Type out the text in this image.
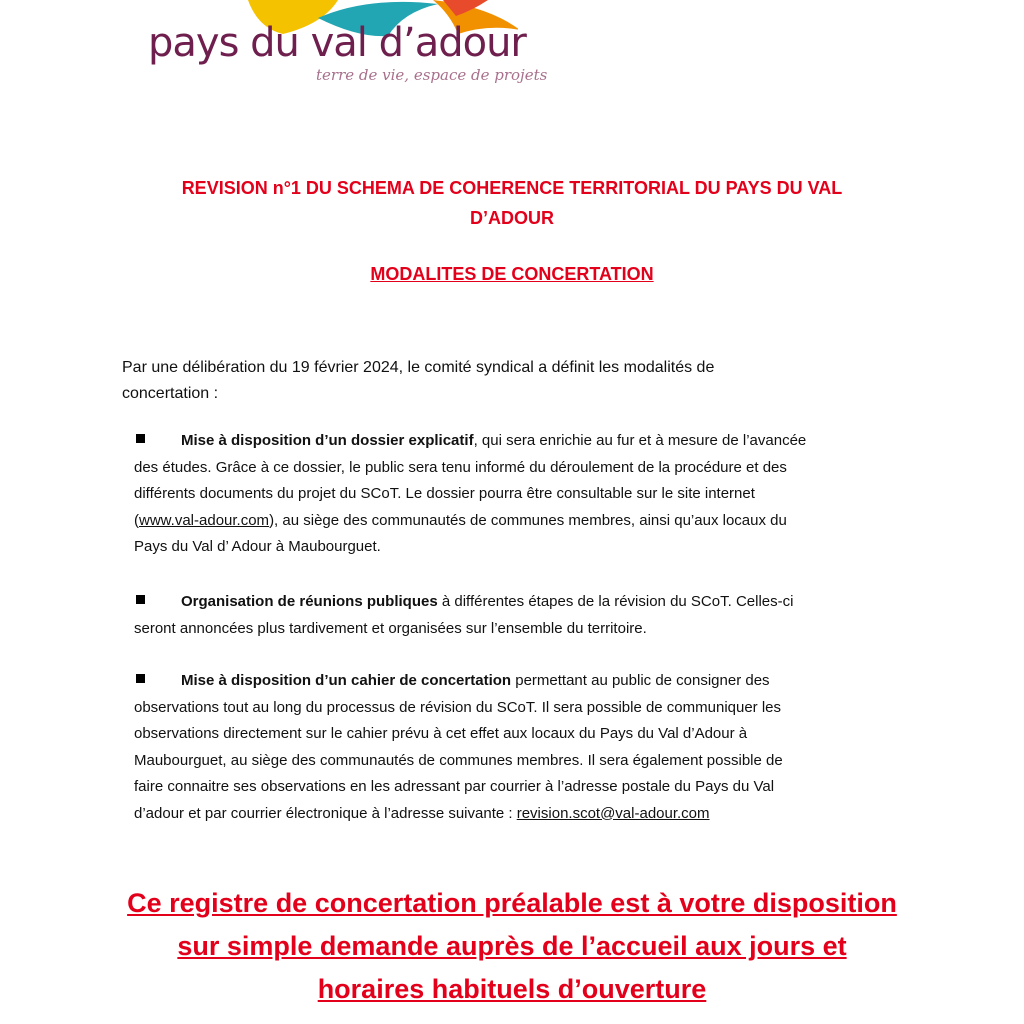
pays du val d’adour
terre de vie, espace de projets
REVISION n°1 DU SCHEMA DE COHERENCE TERRITORIAL DU PAYS DU VAL
D’ADOUR
MODALITES DE CONCERTATION
Par une délibération du 19 février 2024, le comité syndical a définit les modalités de
concertation :
Mise à disposition d’un dossier explicatif, qui sera enrichie au fur et à mesure de l’avancée
des études. Grâce à ce dossier, le public sera tenu informé du déroulement de la procédure et des
différents documents du projet du SCoT. Le dossier pourra être consultable sur le site internet
(www.val-adour.com), au siège des communautés de communes membres, ainsi qu’aux locaux du
Pays du Val d’ Adour à Maubourguet.
Organisation de réunions publiques à différentes étapes de la révision du SCoT. Celles-ci
seront annoncées plus tardivement et organisées sur l’ensemble du territoire.
Mise à disposition d’un cahier de concertation permettant au public de consigner des
observations tout au long du processus de révision du SCoT. Il sera possible de communiquer les
observations directement sur le cahier prévu à cet effet aux locaux du Pays du Val d’Adour à
Maubourguet, au siège des communautés de communes membres. Il sera également possible de
faire connaitre ses observations en les adressant par courrier à l’adresse postale du Pays du Val
d’adour et par courrier électronique à l’adresse suivante : revision.scot@val-adour.com
Ce registre de concertation préalable est à votre disposition
sur simple demande auprès de l’accueil aux jours et
horaires habituels d’ouverture
